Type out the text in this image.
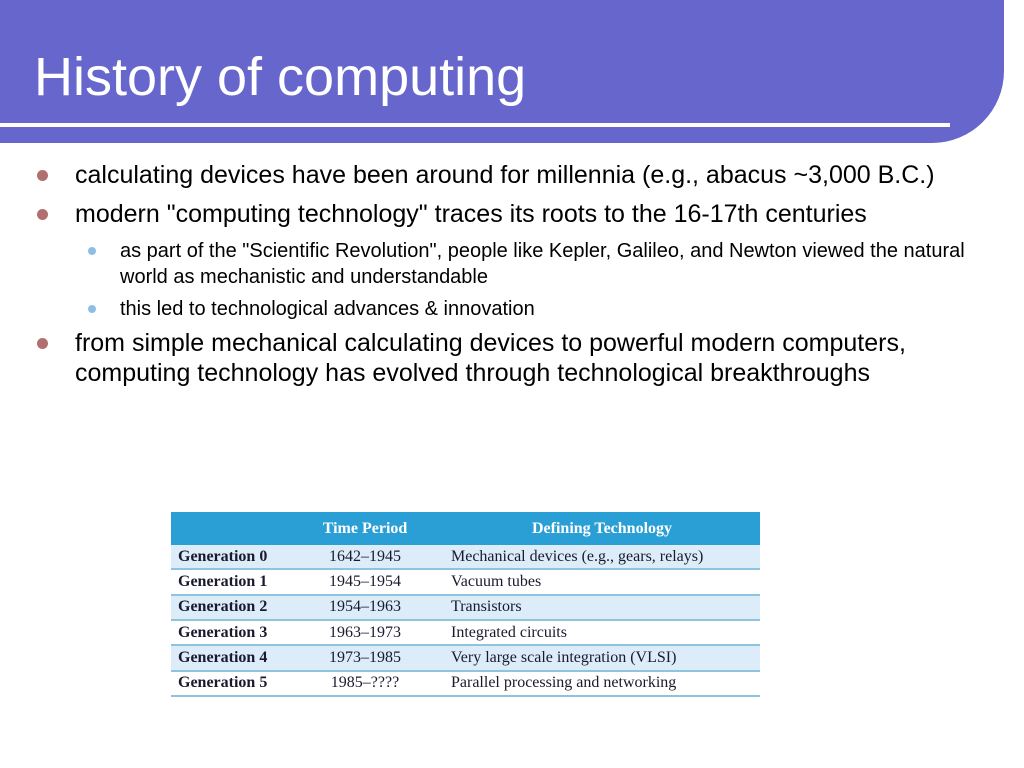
History of computing
calculating devices have been around for millennia (e.g., abacus ~3,000 B.C.)
modern "computing technology" traces its roots to the 16-17th centuries
as part of the "Scientific Revolution", people like Kepler, Galileo, and Newton viewed the natural world as mechanistic and understandable
this led to technological advances & innovation
from simple mechanical calculating devices to powerful modern computers, computing technology has evolved through technological breakthroughs
	Time Period	Defining Technology
Generation 0	1642–1945	Mechanical devices (e.g., gears, relays)
Generation 1	1945–1954	Vacuum tubes
Generation 2	1954–1963	Transistors
Generation 3	1963–1973	Integrated circuits
Generation 4	1973–1985	Very large scale integration (VLSI)
Generation 5	1985–????	Parallel processing and networking
